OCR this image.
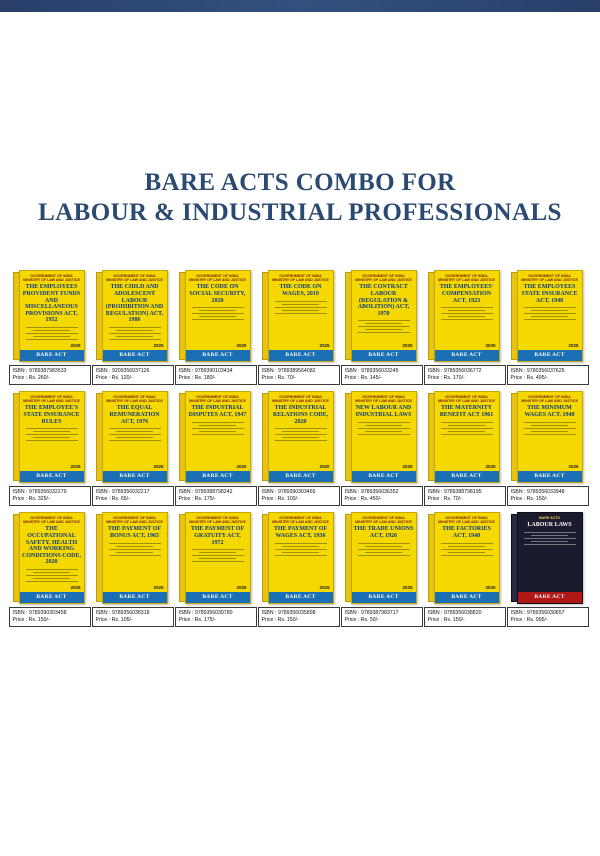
BARE ACTS COMBO FOR
LABOUR & INDUSTRIAL PROFESSIONALS
GOVERNMENT OF INDIA MINISTRY OF LAW AND JUSTICE
THE EMPLOYEES PROVIDENT FUNDS AND MISCELLANEOUS PROVISIONS ACT, 1952
2025
BARE ACT
ISBN : 9789387983533
Price : Rs. 260/-
GOVERNMENT OF INDIA MINISTRY OF LAW AND JUSTICE
THE CHILD AND ADOLESCENT LABOUR (PROHIBITION AND REGULATION) ACT, 1986
2025
BARE ACT
ISBN : 9209356037126
Price : Rs. 120/-
GOVERNMENT OF INDIA MINISTRY OF LAW AND JUSTICE
THE CODE ON SOCIAL SECURITY, 2020
2025
BARE ACT
ISBN : 9789390103434
Price : Rs. 180/-
GOVERNMENT OF INDIA MINISTRY OF LAW AND JUSTICE
THE CODE ON WAGES, 2019
2025
BARE ACT
ISBN : 9789389564082
Price : Rs. 70/-
GOVERNMENT OF INDIA MINISTRY OF LAW AND JUSTICE
THE CONTRACT LABOUR (REGULATION & ABOLITION) ACT, 1970
2025
BARE ACT
ISBN : 9789356033245
Price : Rs. 145/-
GOVERNMENT OF INDIA MINISTRY OF LAW AND JUSTICE
THE EMPLOYEES' COMPENSATION ACT, 1923
2025
BARE ACT
ISBN : 9789356036772
Price : Rs. 170/-
GOVERNMENT OF INDIA MINISTRY OF LAW AND JUSTICE
THE EMPLOYEES STATE INSURANCE ACT, 1948
2025
BARE ACT
ISBN : 9780356037625
Price : Rs. 495/-
GOVERNMENT OF INDIA MINISTRY OF LAW AND JUSTICE
THE EMPLOYEE'S STATE INSURANCE RULES
2025
BARE ACT
ISBN : 9789356032279
Price : Rs. 325/-
GOVERNMENT OF INDIA MINISTRY OF LAW AND JUSTICE
THE EQUAL REMUNERATION ACT, 1976
2025
BARE ACT
ISBN : 9789356032217
Price : Rs. 65/-
GOVERNMENT OF INDIA MINISTRY OF LAW AND JUSTICE
THE INDUSTRIAL DISPUTES ACT, 1947
2025
BARE ACT
ISBN : 9789388798242
Price : Rs. 175/-
GOVERNMENT OF INDIA MINISTRY OF LAW AND JUSTICE
THE INDUSTRIAL RELATIONS CODE, 2020
2020
BARE ACT
ISBN : 9789390303465
Price : Rs. 100/-
GOVERNMENT OF INDIA MINISTRY OF LAW AND JUSTICE
NEW LABOUR AND INDUSTRIAL LAWS
2025
BARE ACT
ISBN : 9789356036352
Price : Rs. 450/-
GOVERNMENT OF INDIA MINISTRY OF LAW AND JUSTICE
THE MATERNITY BENEFIT ACT 1961
2025
BARE ACT
ISBN : 9789388798195
Price : Rs. 70/-
GOVERNMENT OF INDIA MINISTRY OF LAW AND JUSTICE
THE MINIMUM WAGES ACT, 1948
2025
BARE ACT
ISBN : 9789356033948
Price : Rs. 150/-
GOVERNMENT OF INDIA MINISTRY OF LAW AND JUSTICE
THE OCCUPATIONAL SAFETY, HEALTH AND WORKING CONDITIONS CODE, 2020
2025
BARE ACT
ISBN : 9789390303458
Price : Rs. 150/-
GOVERNMENT OF INDIA MINISTRY OF LAW AND JUSTICE
THE PAYMENT OF BONUS ACT, 1965
2025
BARE ACT
ISBN : 9789356038318
Price : Rs. 105/-
GOVERNMENT OF INDIA MINISTRY OF LAW AND JUSTICE
THE PAYMENT OF GRATUITY ACT, 1972
2025
BARE ACT
ISBN : 9789356039780
Price : Rs. 175/-
GOVERNMENT OF INDIA MINISTRY OF LAW AND JUSTICE
THE PAYMENT OF WAGES ACT, 1936
2025
BARE ACT
ISBN : 9789356035898
Price : Rs. 150/-
GOVERNMENT OF INDIA MINISTRY OF LAW AND JUSTICE
THE TRADE UNIONS ACT, 1926
2025
BARE ACT
ISBN : 9789387983717
Price : Rs. 50/-
GOVERNMENT OF INDIA MINISTRY OF LAW AND JUSTICE
THE FACTORIES ACT, 1948
2025
BARE ACT
ISBN : 9789356038820
Price : Rs. 150/-
BARE ACTS
LABOUR LAWS
2025
BARE ACT
ISBN : 9789356030657
Price : Rs. 995/-
